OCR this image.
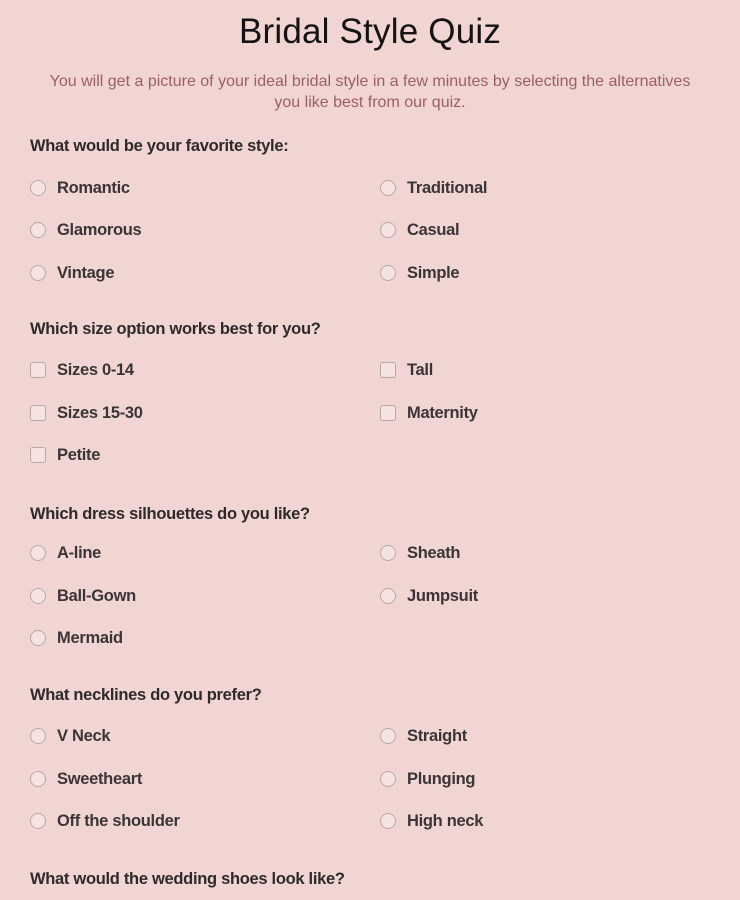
Bridal Style Quiz

You will get a picture of your ideal bridal style in a few minutes by selecting the alternatives you like best from our quiz.

What would be your favorite style:

Romantic	Traditional
Glamorous	Casual
Vintage	Simple

Which size option works best for you?

Sizes 0-14	Tall
Sizes 15-30	Maternity
Petite

Which dress silhouettes do you like?

A-line	Sheath
Ball-Gown	Jumpsuit
Mermaid

What necklines do you prefer?

V Neck	Straight
Sweetheart	Plunging
Off the shoulder	High neck

What would the wedding shoes look like?
